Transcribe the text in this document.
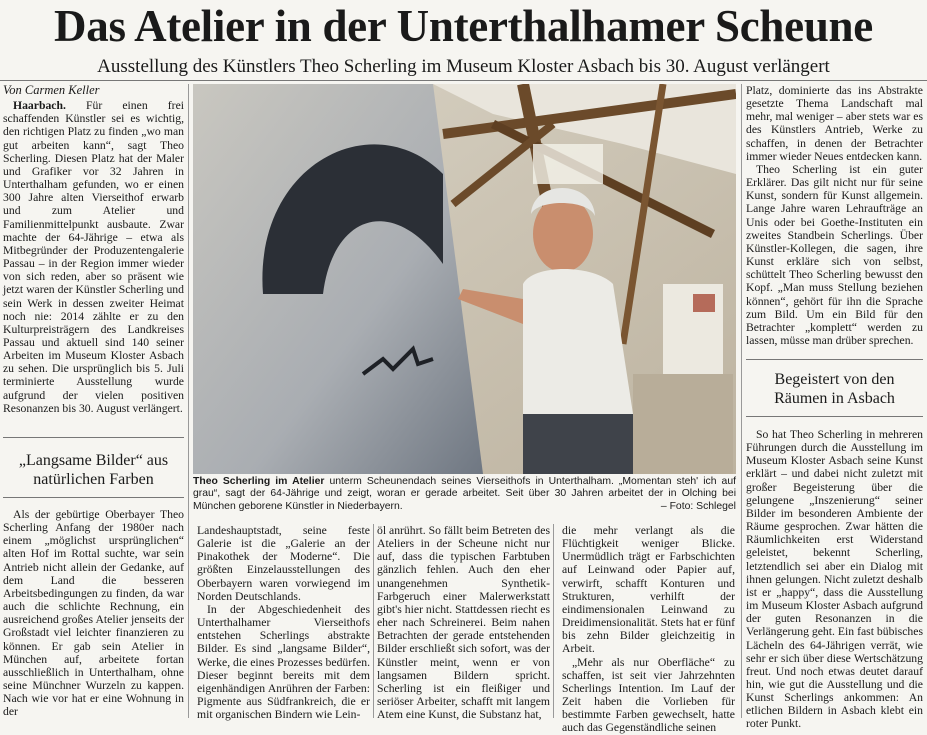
Das Atelier in der Unterthalhamer Scheune
Ausstellung des Künstlers Theo Scherling im Museum Kloster Asbach bis 30. August verlängert

Von Carmen Keller

Haarbach. Für einen frei schaffenden Künstler sei es wichtig, den richtigen Platz zu finden „wo man gut arbeiten kann“, sagt Theo Scherling. Diesen Platz hat der Maler und Grafiker vor 32 Jahren in Unterthalham gefunden, wo er einen 300 Jahre alten Vierseithof erwarb und zum Atelier und Familienmittelpunkt ausbaute. Zwar machte der 64-Jährige – etwa als Mitbegründer der Produzentengalerie Passau – in der Region immer wieder von sich reden, aber so präsent wie jetzt waren der Künstler Scherling und sein Werk in dessen zweiter Heimat noch nie: 2014 zählte er zu den Kulturpreisträgern des Landkreises Passau und aktuell sind 140 seiner Arbeiten im Museum Kloster Asbach zu sehen. Die ursprünglich bis 5. Juli terminierte Ausstellung wurde aufgrund der vielen positiven Resonanzen bis 30. August verlängert.

„Langsame Bilder“ aus natürlichen Farben

Als der gebürtige Oberbayer Theo Scherling Anfang der 1980er nach einem „möglichst ursprünglichen“ alten Hof im Rottal suchte, war sein Antrieb nicht allein der Gedanke, auf dem Land die besseren Arbeitsbedingungen zu finden, da war auch die schlichte Rechnung, ein ausreichend großes Atelier jenseits der Großstadt viel leichter finanzieren zu können. Er gab sein Atelier in München auf, arbeitete fortan ausschließlich in Unterthalham, ohne seine Münchner Wurzeln zu kappen. Nach wie vor hat er eine Wohnung in der

Theo Scherling im Atelier unterm Scheunendach seines Vierseithofs in Unterthalham. „Momentan steh' ich auf grau“, sagt der 64-Jährige und zeigt, woran er gerade arbeitet. Seit über 30 Jahren arbeitet der in Olching bei München geborene Künstler in Niederbayern.	– Foto: Schlegel

Landeshauptstadt, seine feste Galerie ist die „Galerie an der Pinakothek der Moderne“. Die größten Einzelausstellungen des Oberbayern waren vorwiegend im Norden Deutschlands.

In der Abgeschiedenheit des Unterthalhamer Vierseithofs entstehen Scherlings abstrakte Bilder. Es sind „langsame Bilder“, Werke, die eines Prozesses bedürfen. Dieser beginnt bereits mit dem eigenhändigen Anrühren der Farben: Pigmente aus Südfrankreich, die er mit organischen Bindern wie Lein-

öl anrührt. So fällt beim Betreten des Ateliers in der Scheune nicht nur auf, dass die typischen Farbtuben gänzlich fehlen. Auch den eher unangenehmen Synthetik-Farbgeruch einer Malerwerkstatt gibt's hier nicht. Stattdessen riecht es eher nach Schreinerei. Beim nahen Betrachten der gerade entstehenden Bilder erschließt sich sofort, was der Künstler meint, wenn er von langsamen Bildern spricht. Scherling ist ein fleißiger und seriöser Arbeiter, schafft mit langem Atem eine Kunst, die Substanz hat,

die mehr verlangt als die Flüchtigkeit weniger Blicke. Unermüdlich trägt er Farbschichten auf Leinwand oder Papier auf, verwirft, schafft Konturen und Strukturen, verhilft der eindimensionalen Leinwand zu Dreidimensionalität. Stets hat er fünf bis zehn Bilder gleichzeitig in Arbeit.

„Mehr als nur Oberfläche“ zu schaffen, ist seit vier Jahrzehnten Scherlings Intention. Im Lauf der Zeit haben die Vorlieben für bestimmte Farben gewechselt, hatte auch das Gegenständliche seinen

Platz, dominierte das ins Abstrakte gesetzte Thema Landschaft mal mehr, mal weniger – aber stets war es des Künstlers Antrieb, Werke zu schaffen, in denen der Betrachter immer wieder Neues entdecken kann.

Theo Scherling ist ein guter Erklärer. Das gilt nicht nur für seine Kunst, sondern für Kunst allgemein. Lange Jahre waren Lehraufträge an Unis oder bei Goethe-Instituten ein zweites Standbein Scherlings. Über Künstler-Kollegen, die sagen, ihre Kunst erkläre sich von selbst, schüttelt Theo Scherling bewusst den Kopf. „Man muss Stellung beziehen können“, gehört für ihn die Sprache zum Bild. Um ein Bild für den Betrachter „komplett“ werden zu lassen, müsse man drüber sprechen.

Begeistert von den Räumen in Asbach

So hat Theo Scherling in mehreren Führungen durch die Ausstellung im Museum Kloster Asbach seine Kunst erklärt – und dabei nicht zuletzt mit großer Begeisterung über die gelungene „Inszenierung“ seiner Bilder im besonderen Ambiente der Räume gesprochen. Zwar hätten die Räumlichkeiten erst Widerstand geleistet, bekennt Scherling, letztendlich sei aber ein Dialog mit ihnen gelungen. Nicht zuletzt deshalb ist er „happy“, dass die Ausstellung im Museum Kloster Asbach aufgrund der guten Resonanzen in die Verlängerung geht. Ein fast bübisches Lächeln des 64-Jährigen verrät, wie sehr er sich über diese Wertschätzung freut. Und noch etwas deutet darauf hin, wie gut die Ausstellung und die Kunst Scherlings ankommen: An etlichen Bildern in Asbach klebt ein roter Punkt.
